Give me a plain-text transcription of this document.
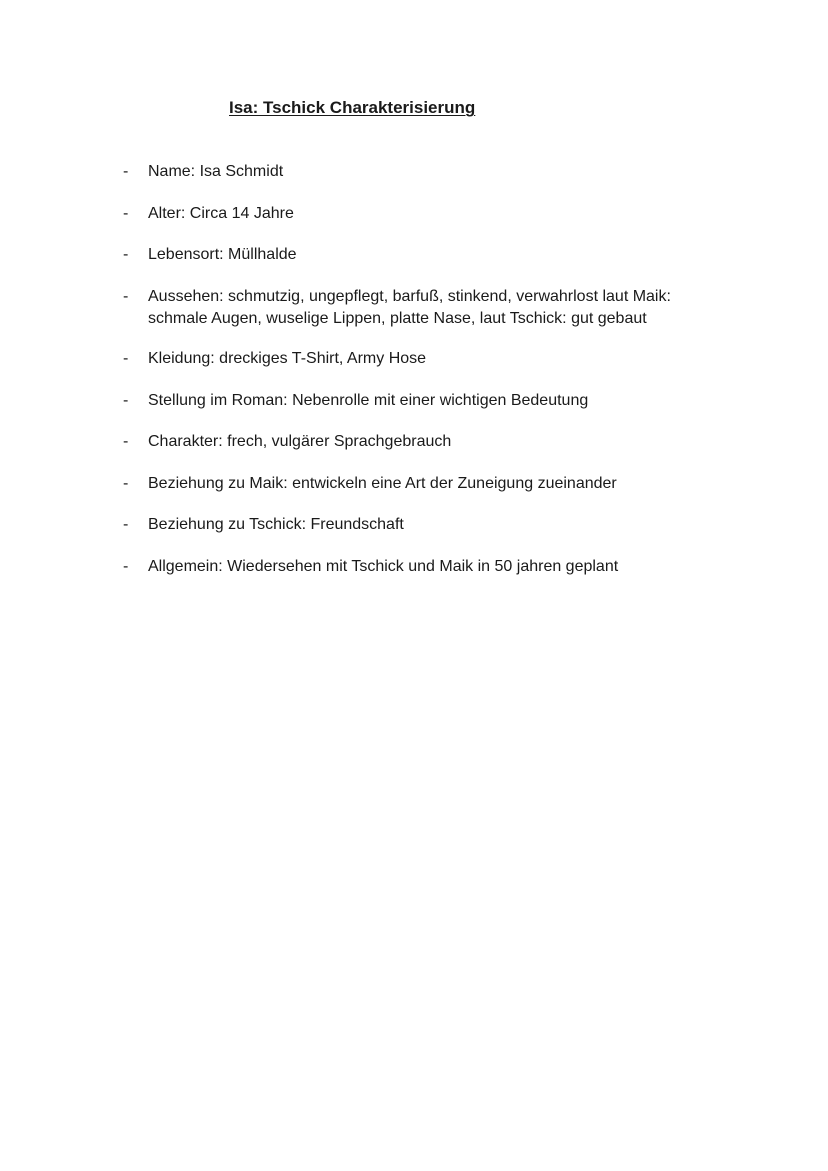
Isa: Tschick Charakterisierung
- Name: Isa Schmidt
- Alter: Circa 14 Jahre
- Lebensort: Müllhalde
- Aussehen: schmutzig, ungepflegt, barfuß, stinkend, verwahrlost laut Maik:
schmale Augen, wuselige Lippen, platte Nase, laut Tschick: gut gebaut
- Kleidung: dreckiges T-Shirt, Army Hose
- Stellung im Roman: Nebenrolle mit einer wichtigen Bedeutung
- Charakter: frech, vulgärer Sprachgebrauch
- Beziehung zu Maik: entwickeln eine Art der Zuneigung zueinander
- Beziehung zu Tschick: Freundschaft
- Allgemein: Wiedersehen mit Tschick und Maik in 50 jahren geplant
